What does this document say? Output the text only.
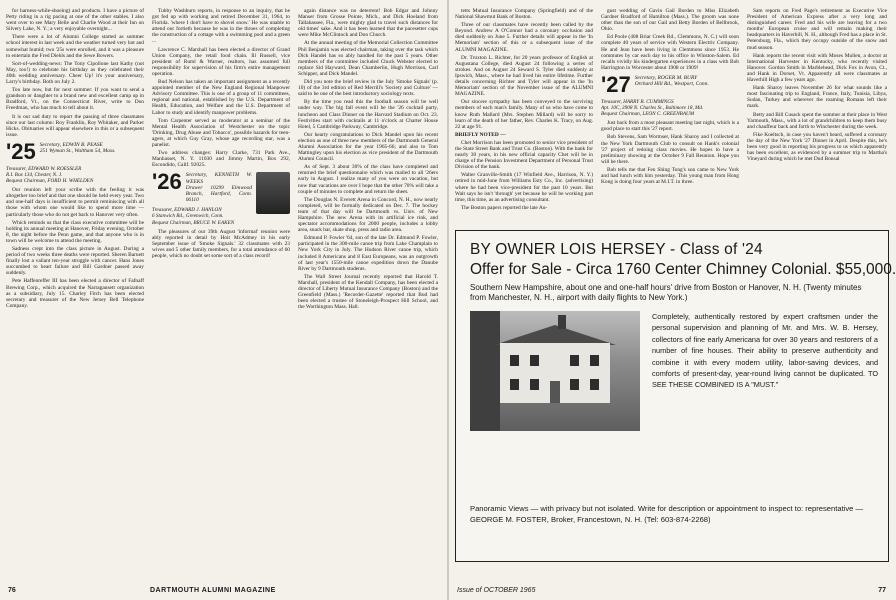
for harness-while-shoeing) and products. I have a picture of Petty riding in a rig pacing at one of the other stables. I also went over to see Mary Belle and Charlie Wood at their Inn on Silvery Lake, N. Y.; a very enjoyable overnight...

There were a lot of Alumni College started as summer school interest in last week and the weather turned very hot and somewhat humid; two '25s were enrolled, and it was a pleasure to entertain the Fred Diehls and the Sewe Bowers.

Sort-of-wedding-news: The Tony Cipollone last Kathy (not May, too!) to celebrate his birthday as they celebrated their 40th wedding anniversary. Cheer Up! it's your anniversary, Larry's birthday. Both on July 2.

Too late now, but for next summer: If you want to send a grandson or daughter to a brand new and excellent camp up in Bradford, Vt., on the Connecticut River, write to Don Freedman, who has much to tell about it.

It is our sad duty to report the passing of three classmates since our last column: Roy Franklin, Roy Whitaker, and Parker Hicks. Obituaries will appear elsewhere in this or a subsequent issue.

'25 Secretary, EDWIN B. PEASE
251 Wyman St., Waltham 54, Mass.
Treasurer, EDWARD W. ROESSLER
R.I. Box 134, Chester, N. J.
Bequest Chairman, FORD H. WHELDEN

Our reunion left your scribe with the feeling it was altogether too brief and that one should be held every year. Two and one-half days is insufficient to permit reminiscing with all those with whom one would like to spend more time — particularly those who do not get back to Hanover very often.

Which reminds us that the class executive committee will be holding its annual meeting at Hanover, Friday evening, October 8, the night before the Penn game, and that anyone who is in town will be welcome to attend the meeting.

Sadness crept into the class picture in August. During a period of two weeks three deaths were reported. Sheren Barnett finally lost a valiant ten-year struggle with cancer. Hans Jones succumbed to heart failure and Bill Gardner passed away suddenly.

Pete Haffenreffer III has been elected a director of Fafnaff Brewing Corp., which acquired the Narragansett organization as a subsidiary, July 15. Charley Fitch has been elected secretary and treasurer of the New Jersey Bell Telephone Company.

Tubby Washburn reports, in response to an inquiry, that he got fed up with working and retired December 31, 1964, to Florida. 'where I don't have to shovel snow.' He was unable to attend our fortieth because he was in the throes of completing the construction of a cottage with a swimming pool and a green ...

Lawrence C. Marshall has been elected a director of Grand Union Company, the retail food chain. Ill Russell, vice president of Ruml & Warner, realtors, has assumed full responsibility for supervision of his firm's entire management operation.

Bud Nelson has taken an important assignment as a recently appointed member of the New England Regional Manpower Advisory Committee. This is one of a group of 11 committees, regional and national, established by the U.S. Department of Health, Education, and Welfare and the U.S. Department of Labor to study and identify manpower problems.

Tom Carpenter served as moderator at a seminar of the Mental Health Association of Westchester on the topic 'Drinking, Drug Abuse and Tobacco', possible hazards for teen-agers, at which Guy Gray, whose age recording star, was a panelist.

Two address changes: Harry Clarke, 731 Park Ave., Manhasset, N. Y. 11030 and Jimmy Martin, Box 292, Escondido, Calif. 92025.

'26 Secretary, KENNETH W. WEEKS
Drawer 10299 Elmwood Branch, Hartford, Conn. 06110
Treasurer, EDWARD J. HANLON
6 Stanwich Rd., Greenwich, Conn.
Bequest Chairman, BRUCE W. EAKEN

The pleasures of our 39th August 'informal' reunion were ably reported in detail by Hoit McAdmey in his early September issue of 'Smoke Signals.' 32 classmates with 23 wives and 5 other family members, for a total attendance of 60 people, which no doubt set some sort of a class record!

again distance was no deterrent! Bob Edgar and Johnny Manser from Grosse Pointe, Mich., and Dick Hoeland from Tallahassee, Fla., were mighty glad to travel such distances for old times' sake. And it has been learned that the pacesetter cups were Mike McClintock and Don Church.

At the annual meeting of the Memorial Collection Committee Phil Benjamin was elected chairman, taking over the task which Dick Handel has so ably handled for the past 5 years. Other members of the committee included Chuck Webster elected to replace Sid Hayward, Dean Chamberlin, Hugh Morrison, Carl Schipper, and Dick Mandel.

Did you note the brief review in the July 'Smoke Signals' (p. 10) of the 3rd edition of Red Merrill's 'Society and Culture' — said to be one of the best introductory sociology texts.

By the time you read this the football season will be well under way. The big fall event will be the '26 cocktail party, luncheon and Class Dinner on the Harvard Stadium on Oct. 23. Festivities start with cocktails at 11 o'clock at Charter House Hotel, 5 Cambridge Parkway, Cambridge.

Our hearty congratulations to Dick Mandel upon his recent election as one of three new members of the Dartmouth General Alumni Association for the year 1965-66; and also to Tom Mattingley upon his election as vice president of the Dartmouth Alumni Council.

As of Sept. 3 about 30% of the class have completed and returned the brief questionnaire which was mailed to all '26ers early in August. I realize many of you were on vacation, but now that vacations are over I hope that the other 70% will take a couple of minutes to complete and return the sheet.

The Douglas N. Everett Arena in Concord, N. H., now nearly completed, will be formally dedicated on Dec. 7. The hockey team of that day will be Dartmouth vs. Univ. of New Hampshire. The new Arena with its artificial ice rink, and spectator accommodations for 2000 people, includes a lobby area, snack bar, skate shop, press and radio area.

Edmund P. Fowler '64, son of the late Dr. Edmund P. Fowler, participated in the 300-mile canoe trip from Lake Champlain to New York City in July. The Hudson River canoe trip, which included 8 Americans and 8 East Europeans, was an outgrowth of last year's 1550-mile canoe expedition down the Danube River by 9 Dartmouth students.

The Wall Street Journal recently reported that Harold T. Marshall, president of the Kendall Company, has been elected a director of Liberty Mutual Insurance Company (Boston) and the Greenfield (Mass.) 'Recorder-Gazette' reported that Bud had been elected a trustee of Stoneleigh-Prospect Hill School, and the Worthington Mass. Hall.

76	DARTMOUTH ALUMNI MAGAZINE

tetts Mutual Insurance Company (Springfield) and of the National Shawmut Bank of Boston.

Three of our classmates have recently been called by the Beyond. Andrew A O'Connor had a coronary occlusion and died suddenly on June 5. Further details will appear in the 'In Memoriam' section of this or a subsequent issue of the ALUMNI MAGAZINE.

Dr. Truxton L. Richter, for 20 years professor of English at Augustana College, died August 24 following a series of strokes. And on August 24 Seward S. Tyler died suddenly at Ipswich, Mass., where he had lived his entire lifetime. Further details concerning Richter and Tyler will appear in the 'In Memoriam' section of the November issue of the ALUMNI MAGAZINE.

Our sincere sympathy has been conveyed to the surviving members of each man's family. Many of us who have come to know Ruth Mallard (Mrs. Stephen Millard) will be sorry to learn of the death of her father, Rev. Charles K. Tracy, on Aug. 22 at age 91.

BRIEFLY NOTED —

Chet Morrison has been promoted to senior vice president of the State Street Bank and Trust Co. (Boston). With the bank for nearly 30 years, in his new official capacity Chet will be in charge of the Pension Investment Department of Personal Trust Division of the bank.

Walter Granville-Smith (17 Winfield Ave., Harrison, N. Y.) retired in mid-June from Williams Esty Co., Inc. (advertising) where he had been vice-president for the past 10 years. But Walt says he isn't 'through' yet because he will be working part time, this time, as an advertising consultant.

The Boston papers reported the late Au-

gust wedding of Gavin Gail Borden to Miss Elizabeth Gardner Bradford of Hamilton (Mass.). The groom was none other than the son of our Gail and Betty Borden of Bellbrook, Ohio.

Ed Poole (408 Briar Creek Rd., Clemmons, N. C.) will soon complete 40 years of service with Western Electric Company. He and Jean have been living in Clemmons since 1953. He commutes by car each day to his office in Winston-Salem. Ed recalls vividly his kindergarten experiences in a class with Bob Harrington in Worcester about 1908 or 1909!

'27 Secretary, ROGER M. BURY
Orchard Hill Rd., Westport, Conn.
Treasurer, HARRY B. CUMMINGS
Apt. 10C, 3908 N. Charles St., Baltimore 18, Md.
Bequest Chairman, LEON C. GREENBAUM

Just back from a most pleasant meeting last night, which is a good place to start this '27 report.

Bob Stevens, Sam Wormser, Hank Sharoy and I collected at the New York Dartmouth Club to consult on Hank's colonial '27 project of redoing class movies. He hopes to have a preliminary showing at the October 9 Fall Reunion. Hope you will be there.

Bob tells me that Fen Shing Tong's son came to New York and had lunch with him yesterday. This young man from Hong Kong is doing four years at M.I.T. in three.

Sam reports on Fred Page's retirement as Executive Vice President of American Express after a very long and distinguished career. Fred and his wife are leaving for a two months' European cruise and will remain making their headquarters in Haverhill, N. H., although Fred has a place in St. Petersburg, Fla., which they occupy outside of the snow and mud season.

Hank reports the recent visit with Moses Mullen, a doctor at International Harvester in Kentucky, who recently visited Hanover. Gordon Smith in Marblehead, Dick Fox in Avon, Ct., and Hank in Dorset, Vt. Apparently all were classmates at Haverhill High a few years ago.

Hank Sharoy leaves November 26 for what sounds like a most fascinating trip to England, France, Italy, Tunisia, Libya, Sudan, Turkey and wherever the roaming Romans left their mark.

Betty and Bill Cusack spent the summer at their place in West Yarmouth, Mass., with a lot of grandchildren to keep them busy and chauffeur back and forth to Winchester during the week.

Fike Koeltsch, in case you haven't heard, suffered a coronary the day of the New York '27 Dinner in April. Despite this, he's been very good in reporting his progress to us which apparently has been excellent, as evidenced by a summer trip to Martha's Vineyard during which he met Dud Bonsal

BY OWNER LOIS HERSEY - Class of '24
Offer for Sale - Circa 1760 Center Chimney Colonial. $55,000.
Southern New Hampshire, about one and one-half hours' drive from Boston or Hanover, N. H. (Twenty minutes from Manchester, N. H., airport with daily flights to New York.)
Completely, authentically restored by expert craftsmen under the personal supervision and planning of Mr. and Mrs. W. B. Hersey, collectors of fine early Americana for over 30 years and restorers of a number of fine houses. Their ability to preserve authenticity and combine it with every modern utility, labor-saving devices, and comforts of present-day, year-round living cannot be duplicated. TO SEE THESE COMBINED IS A "MUST."
Panoramic Views — with privacy but not isolated. Write for description or appointment to inspect to: representative — GEORGE M. FOSTER, Broker, Francestown, N. H. (Tel: 603-874-2268)
Issue of OCTOBER 1965	77
